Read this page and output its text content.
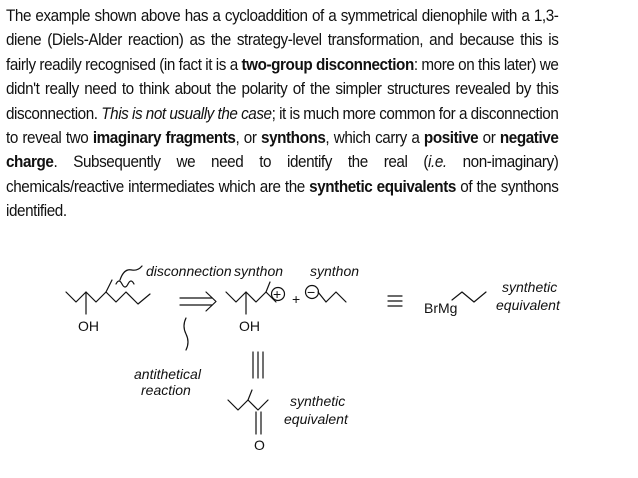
The example shown above has a cycloaddition of a symmetrical dienophile with a 1,3-diene (Diels-Alder reaction) as the strategy-level transformation, and because this is fairly readily recognised (in fact it is a two-group disconnection: more on this later) we didn't really need to think about the polarity of the simpler structures revealed by this disconnection. This is not usually the case; it is much more common for a disconnection to reveal two imaginary fragments, or synthons, which carry a positive or negative charge. Subsequently we need to identify the real (i.e. non-imaginary) chemicals/reactive intermediates which are the synthetic equivalents of the synthons identified.

disconnection synthon synthon
OH	OH
+ + −
antithetical
reaction
BrMg
synthetic
equivalent
synthetic
equivalent
O
